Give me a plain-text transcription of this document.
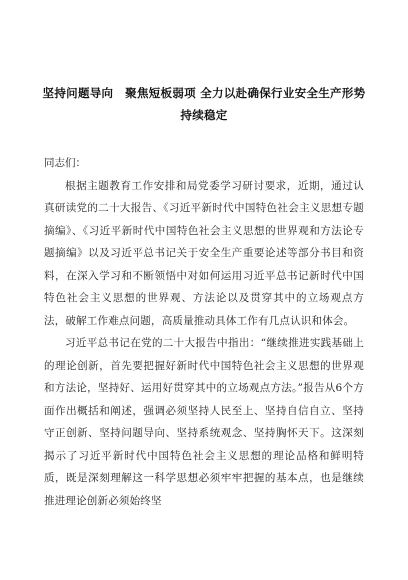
坚持问题导向　聚焦短板弱项 全力以赴确保行业安全生产形势
持续稳定

同志们：

根据主题教育工作安排和局党委学习研讨要求，近期，通过认真研读党的二十大报告、《习近平新时代中国特色社会主义思想专题摘编》、《习近平新时代中国特色社会主义思想的世界观和方法论专题摘编》以及习近平总书记关于安全生产重要论述等部分书目和资料，在深入学习和不断领悟中对如何运用习近平总书记新时代中国特色社会主义思想的世界观、方法论以及贯穿其中的立场观点方法，破解工作难点问题，高质量推动具体工作有几点认识和体会。

习近平总书记在党的二十大报告中指出：“继续推进实践基础上的理论创新，首先要把握好新时代中国特色社会主义思想的世界观和方法论，坚持好、运用好贯穿其中的立场观点方法。”报告从6个方面作出概括和阐述，强调必须坚持人民至上、坚持自信自立、坚持守正创新、坚持问题导向、坚持系统观念、坚持胸怀天下。这深刻揭示了习近平新时代中国特色社会主义思想的理论品格和鲜明特质，既是深刻理解这一科学思想必须牢牢把握的基本点，也是继续推进理论创新必须始终坚
